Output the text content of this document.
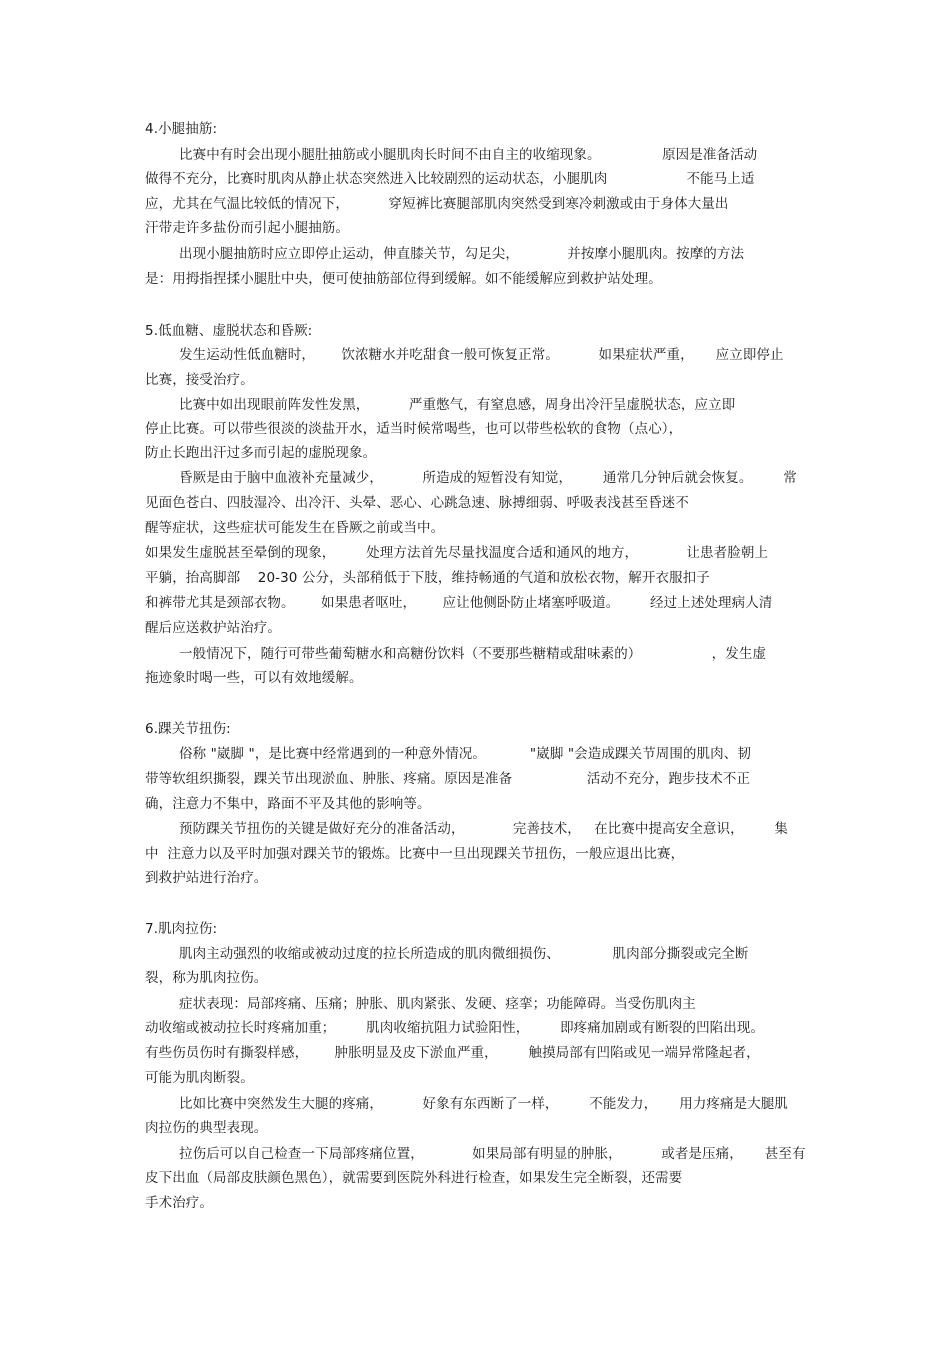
4.小腿抽筋:

比赛中有时会出现小腿肚抽筋或小腿肌肉长时间不由自主的收缩现象。              原因是准备活动

做得不充分，比赛时肌肉从静止状态突然进入比较剧烈的运动状态，小腿肌肉                  不能马上适

应，尤其在气温比较低的情况下，         穿短裤比赛腿部肌肉突然受到寒冷刺激或由于身体大量出

汗带走许多盐份而引起小腿抽筋。

出现小腿抽筋时应立即停止运动，伸直膝关节，勾足尖，           并按摩小腿肌肉。按摩的方法

是：用拇指捏揉小腿肚中央，便可使抽筋部位得到缓解。如不能缓解应到救护站处理。

5.低血糖、虚脱状态和昏厥:

发生运动性低血糖时，      饮浓糖水并吃甜食一般可恢复正常。         如果症状严重，     应立即停止

比赛，接受治疗。

比赛中如出现眼前阵发性发黑，         严重憋气，有窒息感，周身出冷汗呈虚脱状态，应立即

停止比赛。可以带些很淡的淡盐开水，适当时候常喝些，也可以带些松软的食物（点心），

防止长跑出汗过多而引起的虚脱现象。

昏厥是由于脑中血液补充量减少，         所造成的短暂没有知觉，       通常几分钟后就会恢复。       常

见面色苍白、四肢湿冷、出冷汗、头晕、恶心、心跳急速、脉搏细弱、呼吸表浅甚至昏迷不

醒等症状，这些症状可能发生在昏厥之前或当中。

如果发生虚脱甚至晕倒的现象，       处理方法首先尽量找温度合适和通风的地方，           让患者脸朝上

平躺，抬高脚部    20-30 公分，头部稍低于下肢，维持畅通的气道和放松衣物，解开衣服扣子

和裤带尤其是颈部衣物。      如果患者呕吐，      应让他侧卧防止堵塞呼吸道。       经过上述处理病人清

醒后应送救护站治疗。

一般情况下，随行可带些葡萄糖水和高糖份饮料（不要那些糖精或甜味素的）                ，发生虚

拖迹象时喝一些，可以有效地缓解。

6.踝关节扭伤:

俗称 "崴脚 "，是比赛中经常遇到的一种意外情况。          "崴脚 "会造成踝关节周围的肌肉、韧

带等软组织撕裂，踝关节出现淤血、肿胀、疼痛。原因是准备                 活动不充分，跑步技术不正

确，注意力不集中，路面不平及其他的影响等。

预防踝关节扭伤的关键是做好充分的准备活动，           完善技术，   在比赛中提高安全意识，       集

中  注意力以及平时加强对踝关节的锻炼。比赛中一旦出现踝关节扭伤，一般应退出比赛，

到救护站进行治疗。

7.肌肉拉伤:

肌肉主动强烈的收缩或被动过度的拉长所造成的肌肉微细损伤、            肌肉部分撕裂或完全断

裂，称为肌肉拉伤。

症状表现：局部疼痛、压痛；肿胀、肌肉紧张、发硬、痉挛；功能障碍。当受伤肌肉主

动收缩或被动拉长时疼痛加重；       肌肉收缩抗阻力试验阳性，       即疼痛加剧或有断裂的凹陷出现。

有些伤员伤时有撕裂样感，      肿胀明显及皮下淤血严重，       触摸局部有凹陷或见一端异常隆起者，

可能为肌肉断裂。

比如比赛中突然发生大腿的疼痛，         好象有东西断了一样，       不能发力，     用力疼痛是大腿肌

肉拉伤的典型表现。

拉伤后可以自己检查一下局部疼痛位置，           如果局部有明显的肿胀，         或者是压痛，     甚至有

皮下出血（局部皮肤颜色黑色），就需要到医院外科进行检查，如果发生完全断裂，还需要

手术治疗。
